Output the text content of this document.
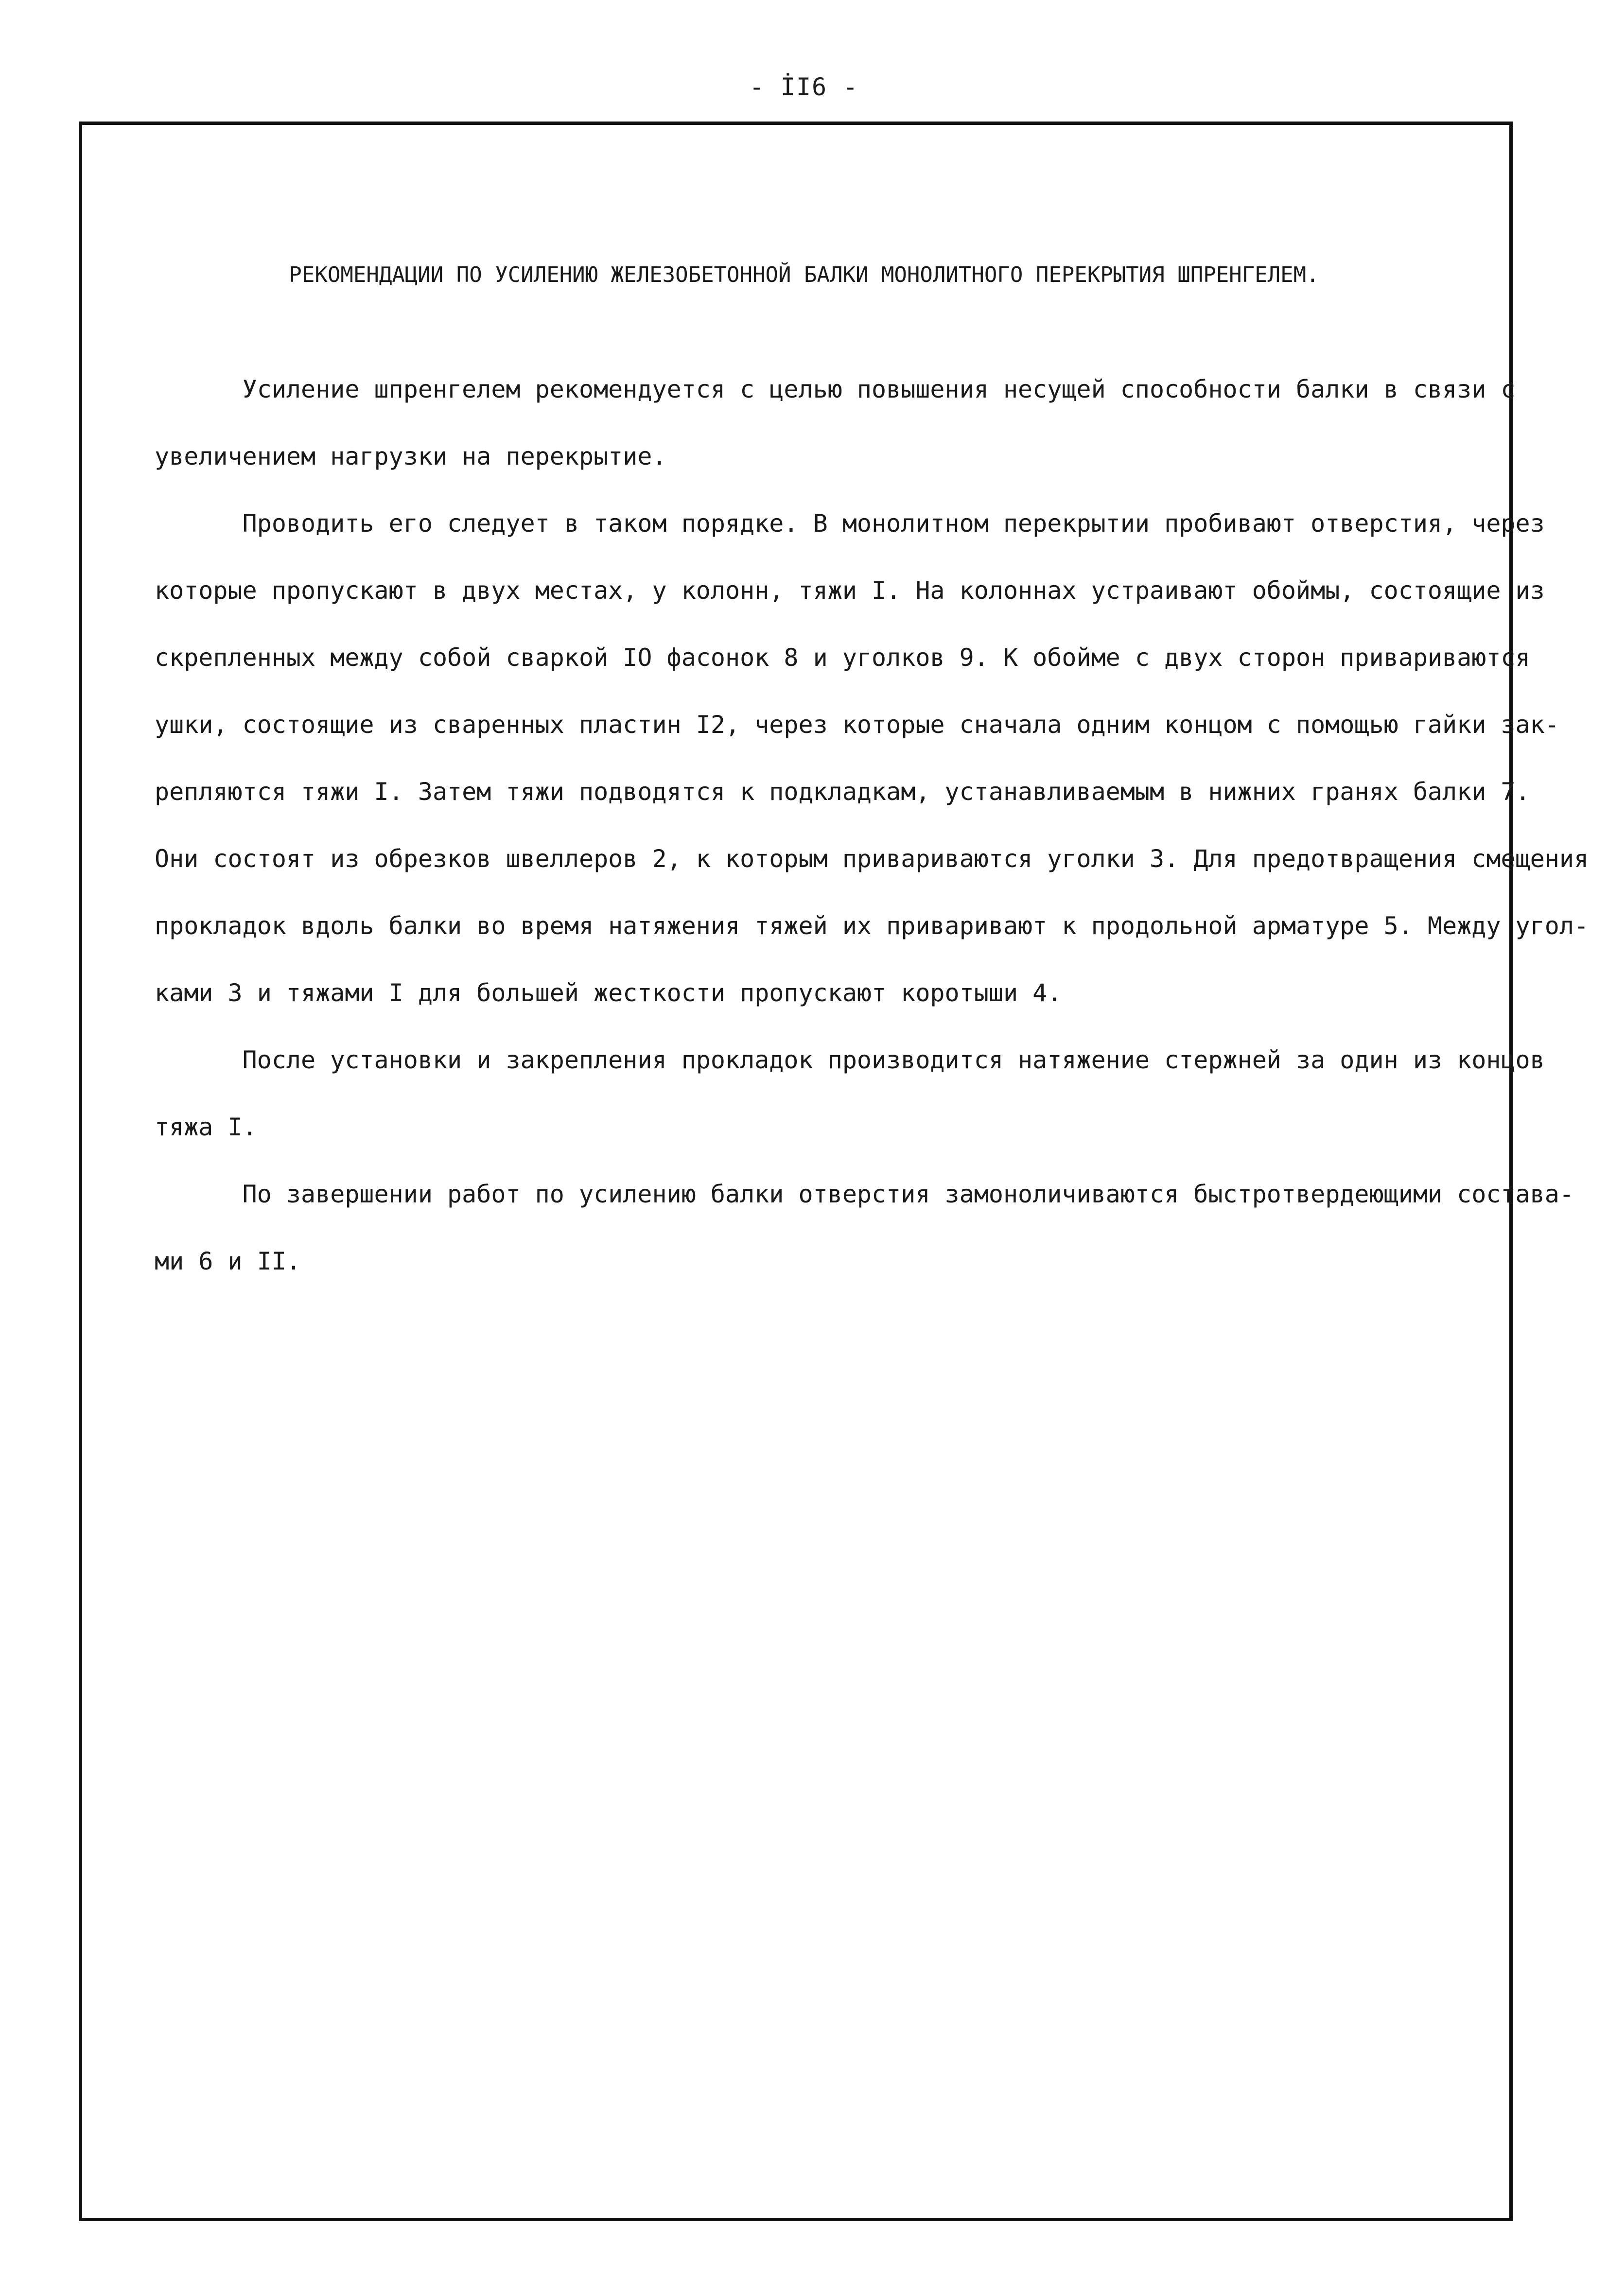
- İI6 -
РЕКОМЕНДАЦИИ ПО УСИЛЕНИЮ ЖЕЛЕЗОБЕТОННОЙ БАЛКИ МОНОЛИТНОГО ПЕРЕКРЫТИЯ ШПРЕНГЕЛЕМ.
Усиление шпренгелем рекомендуется с целью повышения несущей способности балки в связи с
увеличением нагрузки на перекрытие.
Проводить его следует в таком порядке. В монолитном перекрытии пробивают отверстия, через
которые пропускают в двух местах, у колонн, тяжи I. На колоннах устраивают обоймы, состоящие из
скрепленных между собой сваркой IO фасонок 8 и уголков 9. К обойме с двух сторон привариваются
ушки, состоящие из сваренных пластин I2, через которые сначала одним концом с помощью гайки зак-
репляются тяжи I. Затем тяжи подводятся к подкладкам, устанавливаемым в нижних гранях балки 7.
Они состоят из обрезков швеллеров 2, к которым привариваются уголки 3. Для предотвращения смещения
прокладок вдоль балки во время натяжения тяжей их приваривают к продольной арматуре 5. Между угол-
ками 3 и тяжами I для большей жесткости пропускают коротыши 4.
После установки и закрепления прокладок производится натяжение стержней за один из концов
тяжа I.
По завершении работ по усилению балки отверстия замоноличиваются быстротвердеющими состава-
ми 6 и II.
